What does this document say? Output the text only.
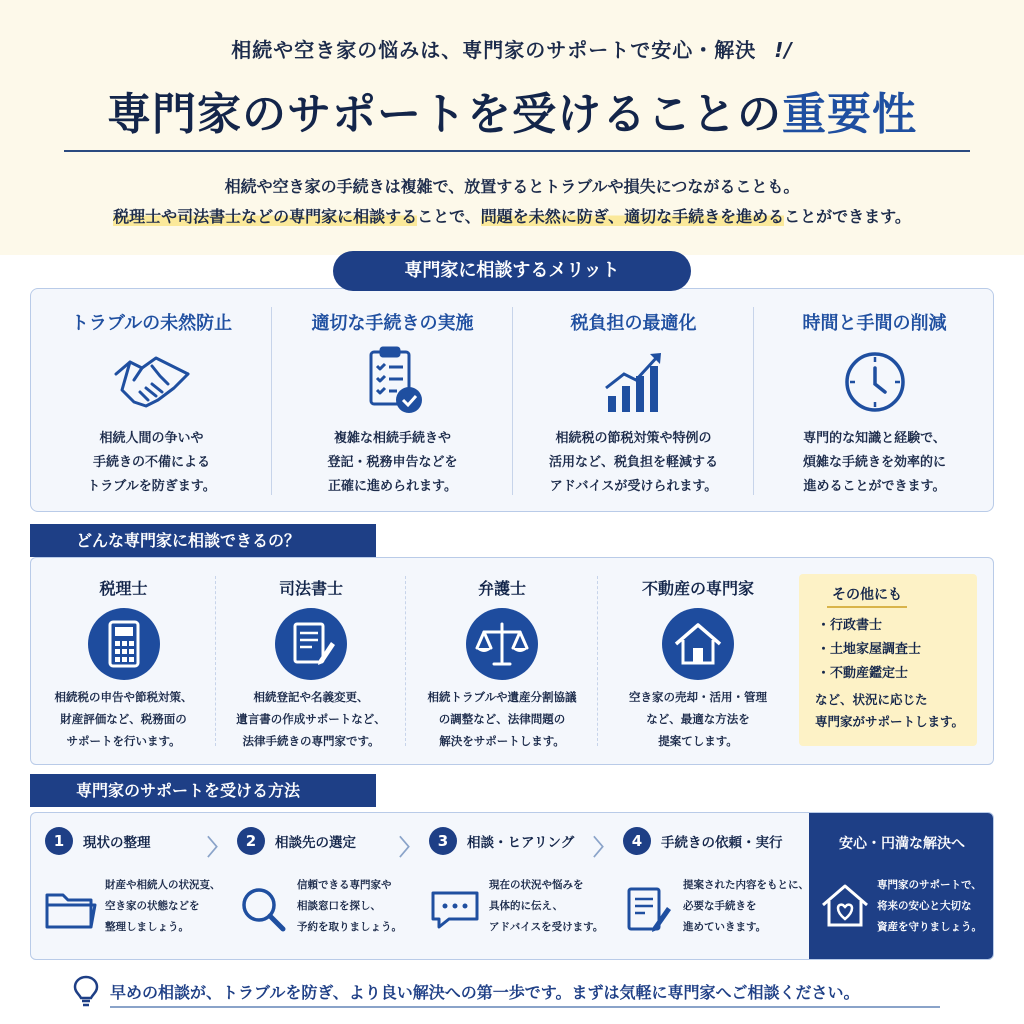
相続や空き家の悩みは、専門家のサポートで安心・解決 !/
専門家のサポートを受けることの重要性
相続や空き家の手続きは複雑で、放置するとトラブルや損失につながることも。
税理士や司法書士などの専門家に相談することで、問題を未然に防ぎ、適切な手続きを進めることができます。
専門家に相談するメリット
トラブルの未然防止
相続人間の争いや
手続きの不備による
トラブルを防ぎます。
適切な手続きの実施
複雑な相続手続きや
登記・税務申告などを
正確に進められます。
税負担の最適化
相続税の節税対策や特例の
活用など、税負担を軽減する
アドバイスが受けられます。
時間と手間の削減
専門的な知識と経験で、
煩雑な手続きを効率的に
進めることができます。
どんな専門家に相談できるの？
税理士
相続税の申告や節税対策、
財産評価など、税務面の
サポートを行います。
司法書士
相続登記や名義変更、
遺言書の作成サポートなど、
法律手続きの専門家です。
弁護士
相続トラブルや遺産分割協議
の調整など、法律問題の
解決をサポートします。
不動産の専門家
空き家の売却・活用・管理
など、最適な方法を
提案てします。
その他にも
・行政書士
・土地家屋調査士
・不動産鑑定士
など、状況に応じた
専門家がサポートします。
専門家のサポートを受ける方法
1	現状の整理
財産や相続人の状況㕝、
空き家の状態などを
整理しましょう。
〉	2	相談先の選定
信頼できる専門家や
相談窓口を探し、
予約を取りましょう。
〉	3	相談・ヒアリング
現在の状況や悩みを
具体的に伝え、
アドバイスを受けます。
〉	4	手続きの依頼・実行
提案された内容をもとに、
必要な手続きを
進めていきます。
安心・円満な解決へ
専門家のサポートで、
将来の安心と大切な
資産を守りましょう。
早めの相談が、トラブルを防ぎ、より良い解決への第一歩です。まずは気軽に専門家へご相談ください。
